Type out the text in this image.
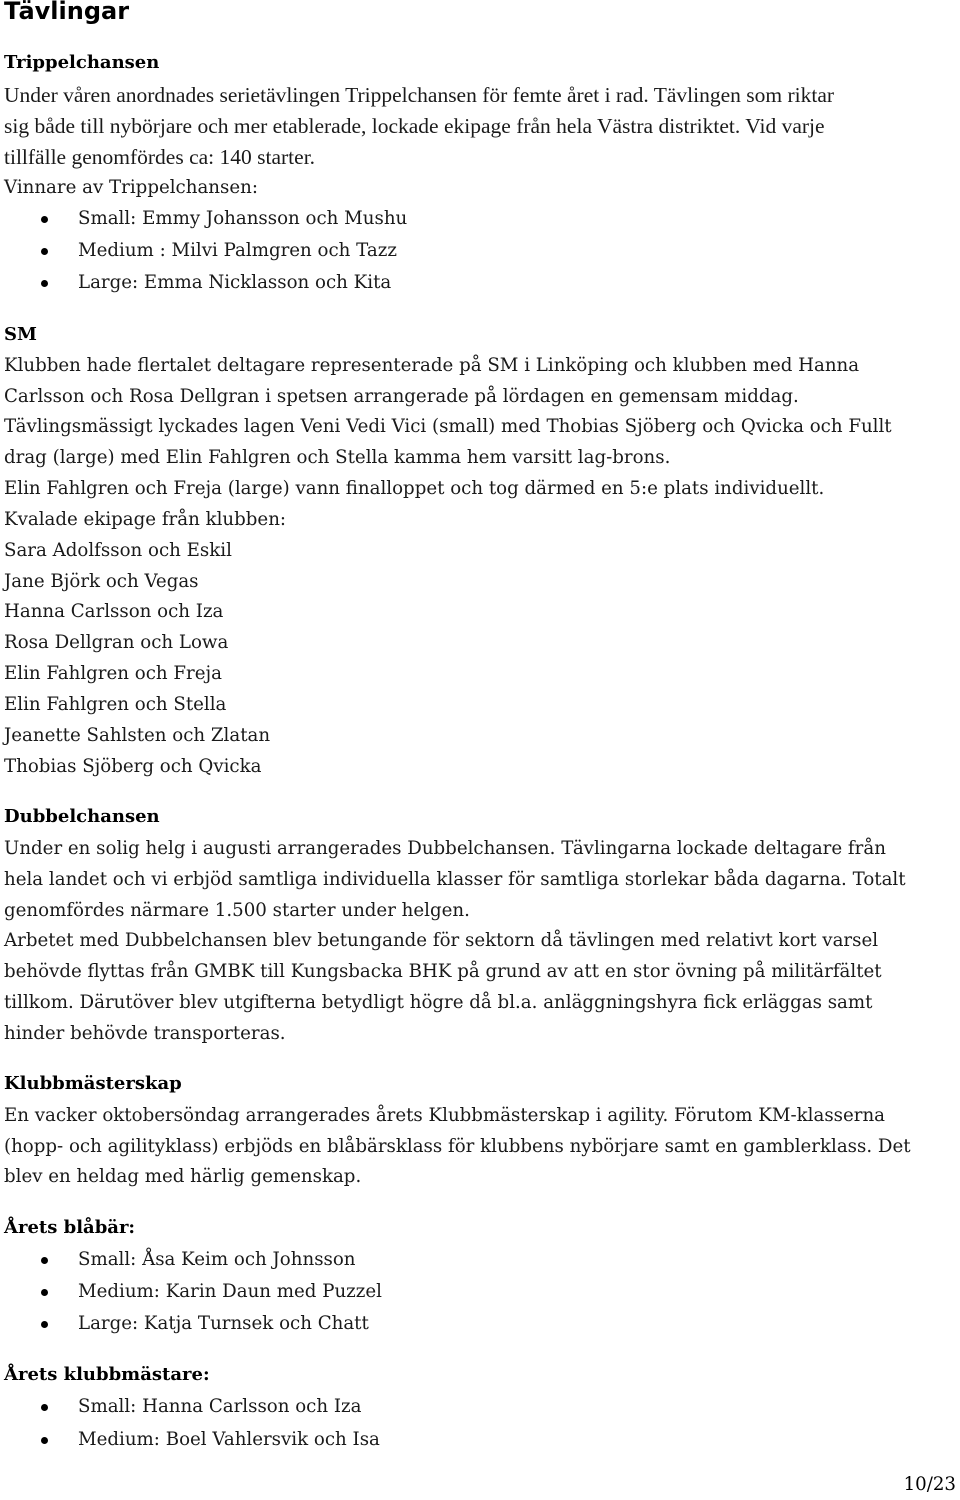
Tävlingar
Trippelchansen
Under våren anordnades serietävlingen Trippelchansen för femte året i rad. Tävlingen som riktar
sig både till nybörjare och mer etablerade, lockade ekipage från hela Västra distriktet. Vid varje
tillfälle genomfördes ca: 140 starter.
Vinnare av Trippelchansen:
Small: Emmy Johansson och Mushu
Medium : Milvi Palmgren och Tazz
Large: Emma Nicklasson och Kita
SM
Klubben hade flertalet deltagare representerade på SM i Linköping och klubben med Hanna
Carlsson och Rosa Dellgran i spetsen arrangerade på lördagen en gemensam middag.
Tävlingsmässigt lyckades lagen Veni Vedi Vici (small) med Thobias Sjöberg och Qvicka och Fullt
drag (large) med Elin Fahlgren och Stella kamma hem varsitt lag-brons.
Elin Fahlgren och Freja (large) vann finalloppet och tog därmed en 5:e plats individuellt.
Kvalade ekipage från klubben:
Sara Adolfsson och Eskil
Jane Björk och Vegas
Hanna Carlsson och Iza
Rosa Dellgran och Lowa
Elin Fahlgren och Freja
Elin Fahlgren och Stella
Jeanette Sahlsten och Zlatan
Thobias Sjöberg och Qvicka
Dubbelchansen
Under en solig helg i augusti arrangerades Dubbelchansen. Tävlingarna lockade deltagare från
hela landet och vi erbjöd samtliga individuella klasser för samtliga storlekar båda dagarna. Totalt
genomfördes närmare 1.500 starter under helgen.
Arbetet med Dubbelchansen blev betungande för sektorn då tävlingen med relativt kort varsel
behövde flyttas från GMBK till Kungsbacka BHK på grund av att en stor övning på militärfältet
tillkom. Därutöver blev utgifterna betydligt högre då bl.a. anläggningshyra fick erläggas samt
hinder behövde transporteras.
Klubbmästerskap
En vacker oktobersöndag arrangerades årets Klubbmästerskap i agility. Förutom KM-klasserna
(hopp- och agilityklass) erbjöds en blåbärsklass för klubbens nybörjare samt en gamblerklass. Det
blev en heldag med härlig gemenskap.
Årets blåbär:
Small: Åsa Keim och Johnsson
Medium: Karin Daun med Puzzel
Large: Katja Turnsek och Chatt
Årets klubbmästare:
Small: Hanna Carlsson och Iza
Medium: Boel Vahlersvik och Isa
10/23
